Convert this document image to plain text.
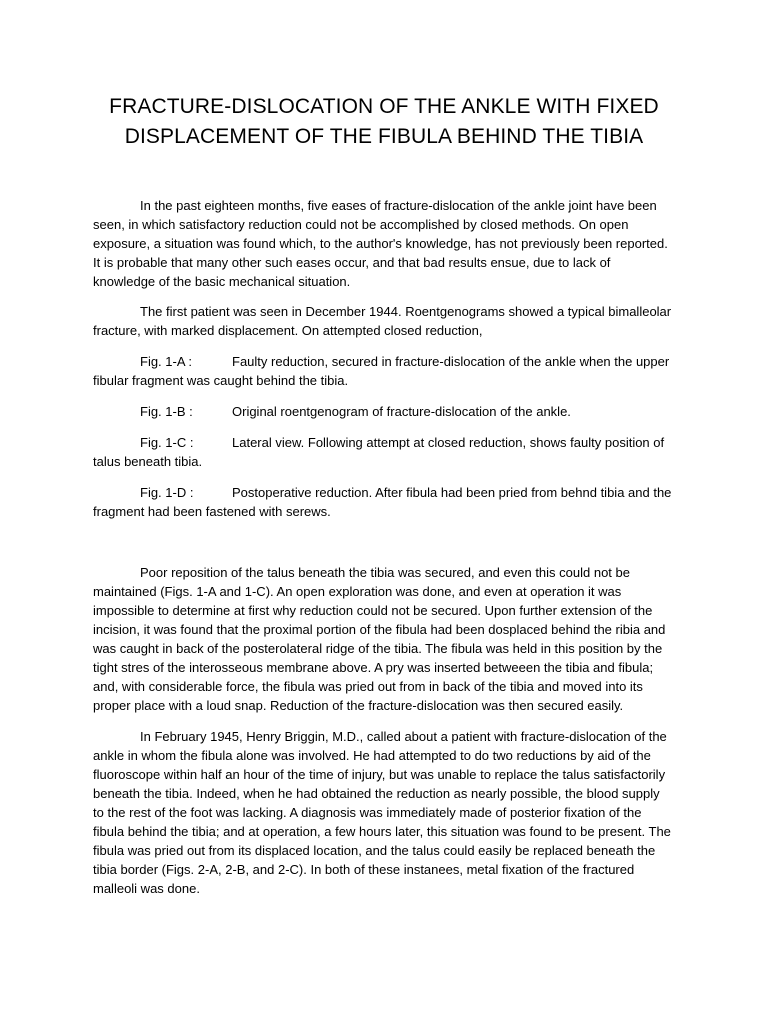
FRACTURE-DISLOCATION OF THE ANKLE WITH FIXED
DISPLACEMENT OF THE FIBULA BEHIND THE TIBIA

In the past eighteen months, five eases of fracture-dislocation of the ankle joint have been seen, in which satisfactory reduction could not be accomplished by closed methods. On open exposure, a situation was found which, to the author's knowledge, has not previously been reported. It is probable that many other such eases occur, and that bad results ensue, due to lack of knowledge of the basic mechanical situation.

The first patient was seen in December 1944. Roentgenograms showed a typical bimalleolar fracture, with marked displacement. On attempted closed reduction,

Fig. 1-A :	Faulty reduction, secured in fracture-dislocation of the ankle when the upper fibular fragment was caught behind the tibia.
Fig. 1-B :	Original roentgenogram of fracture-dislocation of the ankle.
Fig. 1-C :	Lateral view. Following attempt at closed reduction, shows faulty position of talus beneath tibia.
Fig. 1-D :	Postoperative reduction. After fibula had been pried from behnd tibia and the fragment had been fastened with serews.

Poor reposition of the talus beneath the tibia was secured, and even this could not be maintained (Figs. 1-A and 1-C). An open exploration was done, and even at operation it was impossible to determine at first why reduction could not be secured. Upon further extension of the incision, it was found that the proximal portion of the fibula had been dosplaced behind the ribia and was caught in back of the posterolateral ridge of the tibia. The fibula was held in this position by the tight stres of the interosseous membrane above. A pry was inserted betweeen the tibia and fibula; and, with considerable force, the fibula was pried out from in back of the tibia and moved into its proper place with a loud snap. Reduction of the fracture-dislocation was then secured easily.

In February 1945, Henry Briggin, M.D., called about a patient with fracture-dislocation of the ankle in whom the fibula alone was involved. He had attempted to do two reductions by aid of the fluoroscope within half an hour of the time of injury, but was unable to replace the talus satisfactorily beneath the tibia. Indeed, when he had obtained the reduction as nearly possible, the blood supply to the rest of the foot was lacking. A diagnosis was immediately made of posterior fixation of the fibula behind the tibia; and at operation, a few hours later, this situation was found to be present. The fibula was pried out from its displaced location, and the talus could easily be replaced beneath the tibia border (Figs. 2-A, 2-B, and 2-C). In both of these instanees, metal fixation of the fractured malleoli was done.
